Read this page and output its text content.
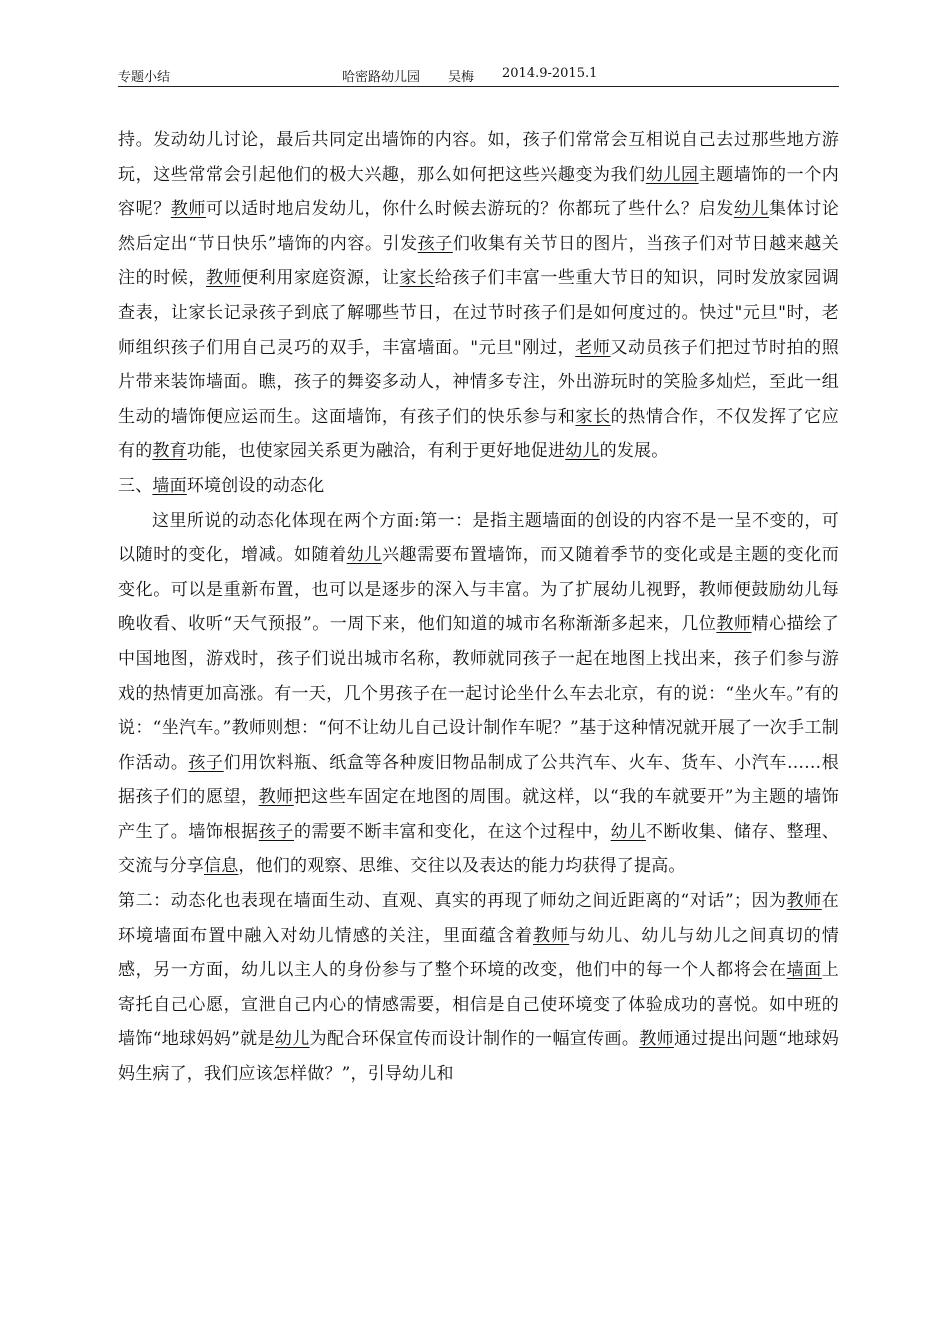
专题小结	哈密路幼儿园 吴梅 2014.9-2015.1

持。发动幼儿讨论，最后共同定出墙饰的内容。如，孩子们常常会互相说自己去过那些地方游玩，这些常常会引起他们的极大兴趣，那么如何把这些兴趣变为我们幼儿园主题墙饰的一个内容呢？教师可以适时地启发幼儿，你什么时候去游玩的？你都玩了些什么？启发幼儿集体讨论然后定出“节日快乐”墙饰的内容。引发孩子们收集有关节日的图片，当孩子们对节日越来越关注的时候，教师便利用家庭资源，让家长给孩子们丰富一些重大节日的知识，同时发放家园调查表，让家长记录孩子到底了解哪些节日，在过节时孩子们是如何度过的。快过"元旦"时，老师组织孩子们用自己灵巧的双手，丰富墙面。"元旦"刚过，老师又动员孩子们把过节时拍的照片带来装饰墙面。瞧，孩子的舞姿多动人，神情多专注，外出游玩时的笑脸多灿烂，至此一组生动的墙饰便应运而生。这面墙饰，有孩子们的快乐参与和家长的热情合作，不仅发挥了它应有的教育功能，也使家园关系更为融洽，有利于更好地促进幼儿的发展。

三、墙面环境创设的动态化

这里所说的动态化体现在两个方面:第一：是指主题墙面的创设的内容不是一呈不变的，可以随时的变化，增减。如随着幼儿兴趣需要布置墙饰，而又随着季节的变化或是主题的变化而变化。可以是重新布置，也可以是逐步的深入与丰富。为了扩展幼儿视野，教师便鼓励幼儿每晚收看、收听“天气预报”。一周下来，他们知道的城市名称渐渐多起来，几位教师精心描绘了中国地图，游戏时，孩子们说出城市名称，教师就同孩子一起在地图上找出来，孩子们参与游戏的热情更加高涨。有一天，几个男孩子在一起讨论坐什么车去北京，有的说：“坐火车。”有的说：“坐汽车。”教师则想：“何不让幼儿自己设计制作车呢？”基于这种情况就开展了一次手工制作活动。孩子们用饮料瓶、纸盒等各种废旧物品制成了公共汽车、火车、货车、小汽车……根据孩子们的愿望，教师把这些车固定在地图的周围。就这样，以“我的车就要开”为主题的墙饰产生了。墙饰根据孩子的需要不断丰富和变化，在这个过程中，幼儿不断收集、储存、整理、交流与分享信息，他们的观察、思维、交往以及表达的能力均获得了提高。

第二：动态化也表现在墙面生动、直观、真实的再现了师幼之间近距离的“对话”；因为教师在环境墙面布置中融入对幼儿情感的关注，里面蕴含着教师与幼儿、幼儿与幼儿之间真切的情感，另一方面，幼儿以主人的身份参与了整个环境的改变，他们中的每一个人都将会在墙面上寄托自己心愿，宣泄自己内心的情感需要，相信是自己使环境变了体验成功的喜悦。如中班的墙饰“地球妈妈”就是幼儿为配合环保宣传而设计制作的一幅宣传画。教师通过提出问题“地球妈妈生病了，我们应该怎样做？”，引导幼儿和
